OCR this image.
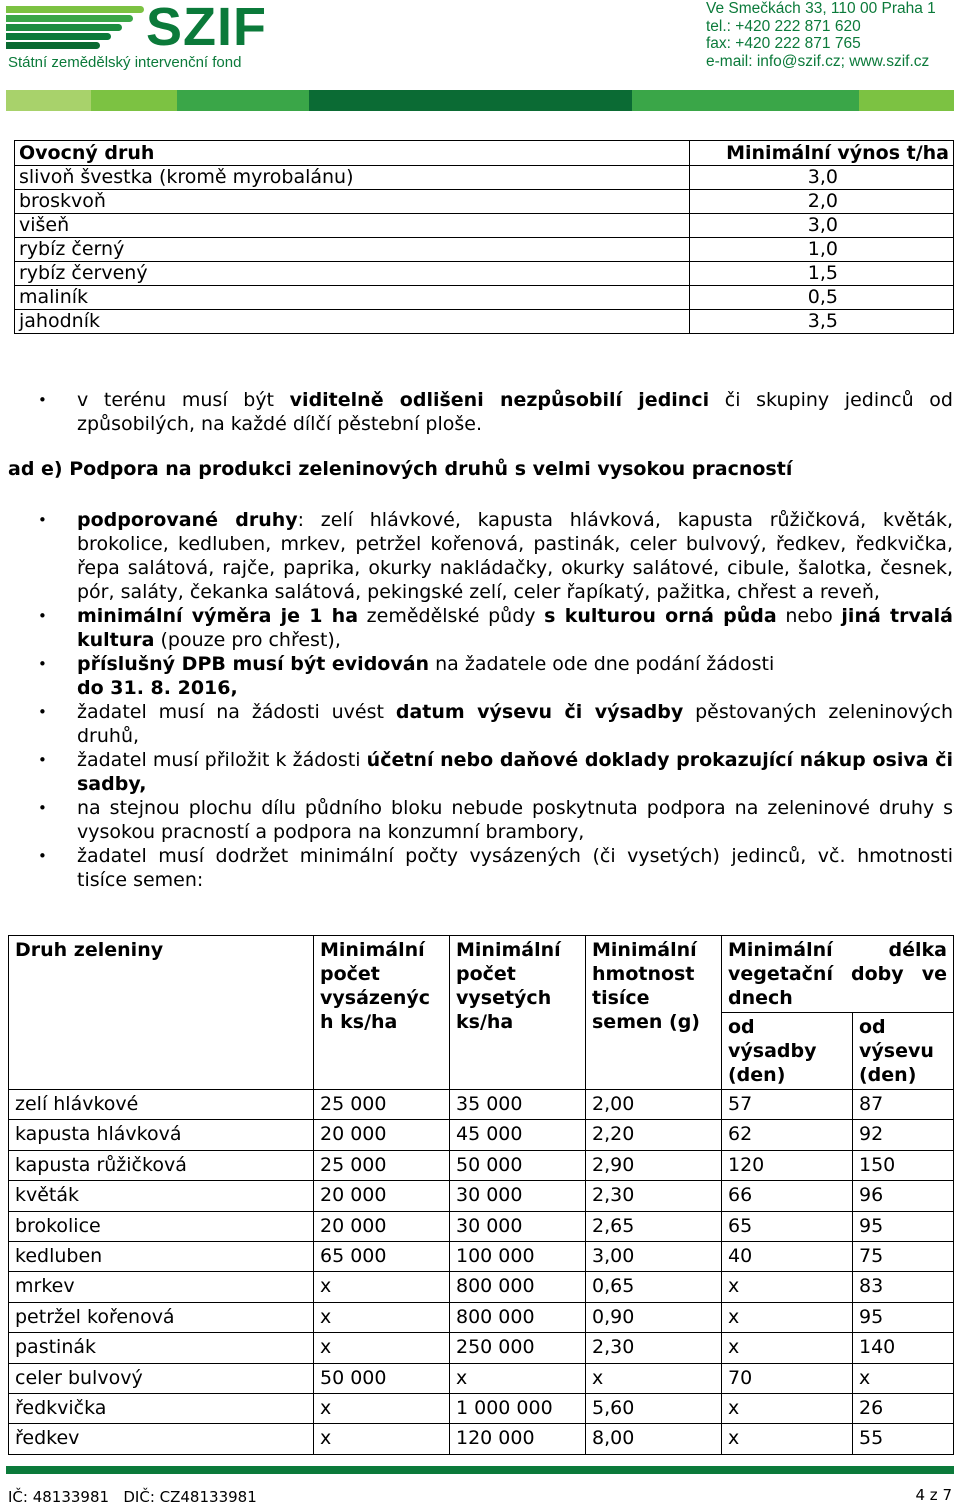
SZIF
Státní zemědělský intervenční fond
Ve Smečkách 33, 110 00 Praha 1
tel.: +420 222 871 620
fax: +420 222 871 765
e-mail: info@szif.cz; www.szif.cz
Ovocný druh	Minimální výnos t/ha
slivoň švestka (kromě myrobalánu)	3,0
broskvoň	2,0
višeň	3,0
rybíz černý	1,0
rybíz červený	1,5
maliník	0,5
jahodník	3,5
• v terénu musí být viditelně odlišeni nezpůsobilí jedinci či skupiny jedinců od způsobilých, na každé dílčí pěstební ploše.
ad e) Podpora na produkci zeleninových druhů s velmi vysokou pracností
• podporované druhy: zelí hlávkové, kapusta hlávková, kapusta růžičková, květák, brokolice, kedluben, mrkev, petržel kořenová, pastinák, celer bulvový, ředkev, ředkvička, řepa salátová, rajče, paprika, okurky nakládačky, okurky salátové, cibule, šalotka, česnek, pór, saláty, čekanka salátová, pekingské zelí, celer řapíkatý, pažitka, chřest a reveň,
• minimální výměra je 1 ha zemědělské půdy s kulturou orná půda nebo jiná trvalá kultura (pouze pro chřest),
• příslušný DPB musí být evidován na žadatele ode dne podání žádosti
do 31. 8. 2016,
• žadatel musí na žádosti uvést datum výsevu či výsadby pěstovaných zeleninových druhů,
• žadatel musí přiložit k žádosti účetní nebo daňové doklady prokazující nákup osiva či sadby,
• na stejnou plochu dílu půdního bloku nebude poskytnuta podpora na zeleninové druhy s vysokou pracností a podpora na konzumní brambory,
• žadatel musí dodržet minimální počty vysázených (či vysetých) jedinců, vč. hmotnosti tisíce semen:
Druh zeleniny	Minimální počet vysázenýc h ks/ha	Minimální počet vysetých ks/ha	Minimální hmotnost tisíce semen (g)	Minimální délka vegetační doby ve dnech	
				od výsadby (den)	od výsevu (den)
zelí hlávkové	25 000	35 000	2,00	57	87
kapusta hlávková	20 000	45 000	2,20	62	92
kapusta růžičková	25 000	50 000	2,90	120	150
květák	20 000	30 000	2,30	66	96
brokolice	20 000	30 000	2,65	65	95
kedluben	65 000	100 000	3,00	40	75
mrkev	x	800 000	0,65	x	83
petržel kořenová	x	800 000	0,90	x	95
pastinák	x	250 000	2,30	x	140
celer bulvový	50 000	x	x	70	x
ředkvička	x	1 000 000	5,60	x	26
ředkev	x	120 000	8,00	x	55
IČ: 48133981   DIČ: CZ48133981	4 z 7
